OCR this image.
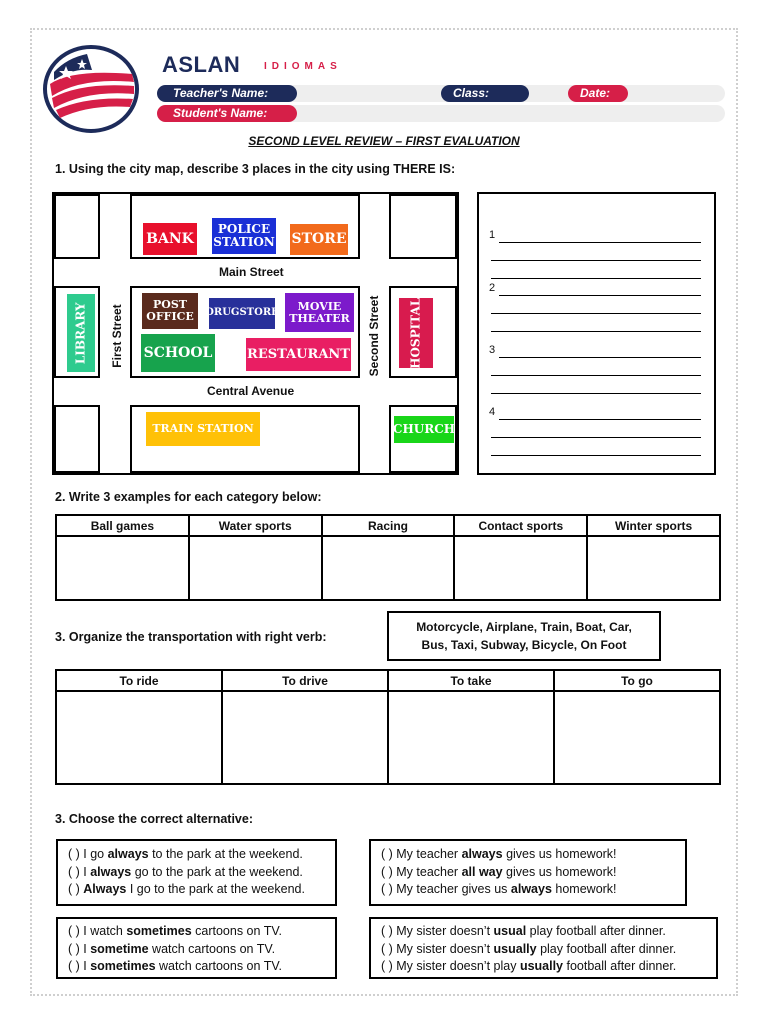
ASLAN IDIOMAS
Teacher's Name:	Class:	Date:
Student's Name:
SECOND LEVEL REVIEW – FIRST EVALUATION
1. Using the city map, describe 3 places in the city using THERE IS:
BANK
POLICE STATION STORE
POST OFFICE	DRUGSTORE	MOVIE THEATER
SCHOOL	RESTAURANT
LIBRARY	HOSPITAL
TRAIN STATION	CHURCH
Main Street
Central Avenue
First Street	Second Street
1
2
3
4
2. Write 3 examples for each category below:
Ball games	Water sports	Racing	Contact sports	Winter sports

3. Organize the transportation with right verb:
Motorcycle, Airplane, Train, Boat, Car,
Bus, Taxi, Subway, Bicycle, On Foot
To ride	To drive	To take	To go

3. Choose the correct alternative:
( ) I go always to the park at the weekend.
( ) I always go to the park at the weekend.
( ) Always I go to the park at the weekend.
( ) My teacher always gives us homework!
( ) My teacher all way gives us homework!
( ) My teacher gives us always homework!
( ) I watch sometimes cartoons on TV.
( ) I sometime watch cartoons on TV.
( ) I sometimes watch cartoons on TV.
( ) My sister doesn’t usual play football after dinner.
( ) My sister doesn’t usually play football after dinner.
( ) My sister doesn’t play usually football after dinner.
